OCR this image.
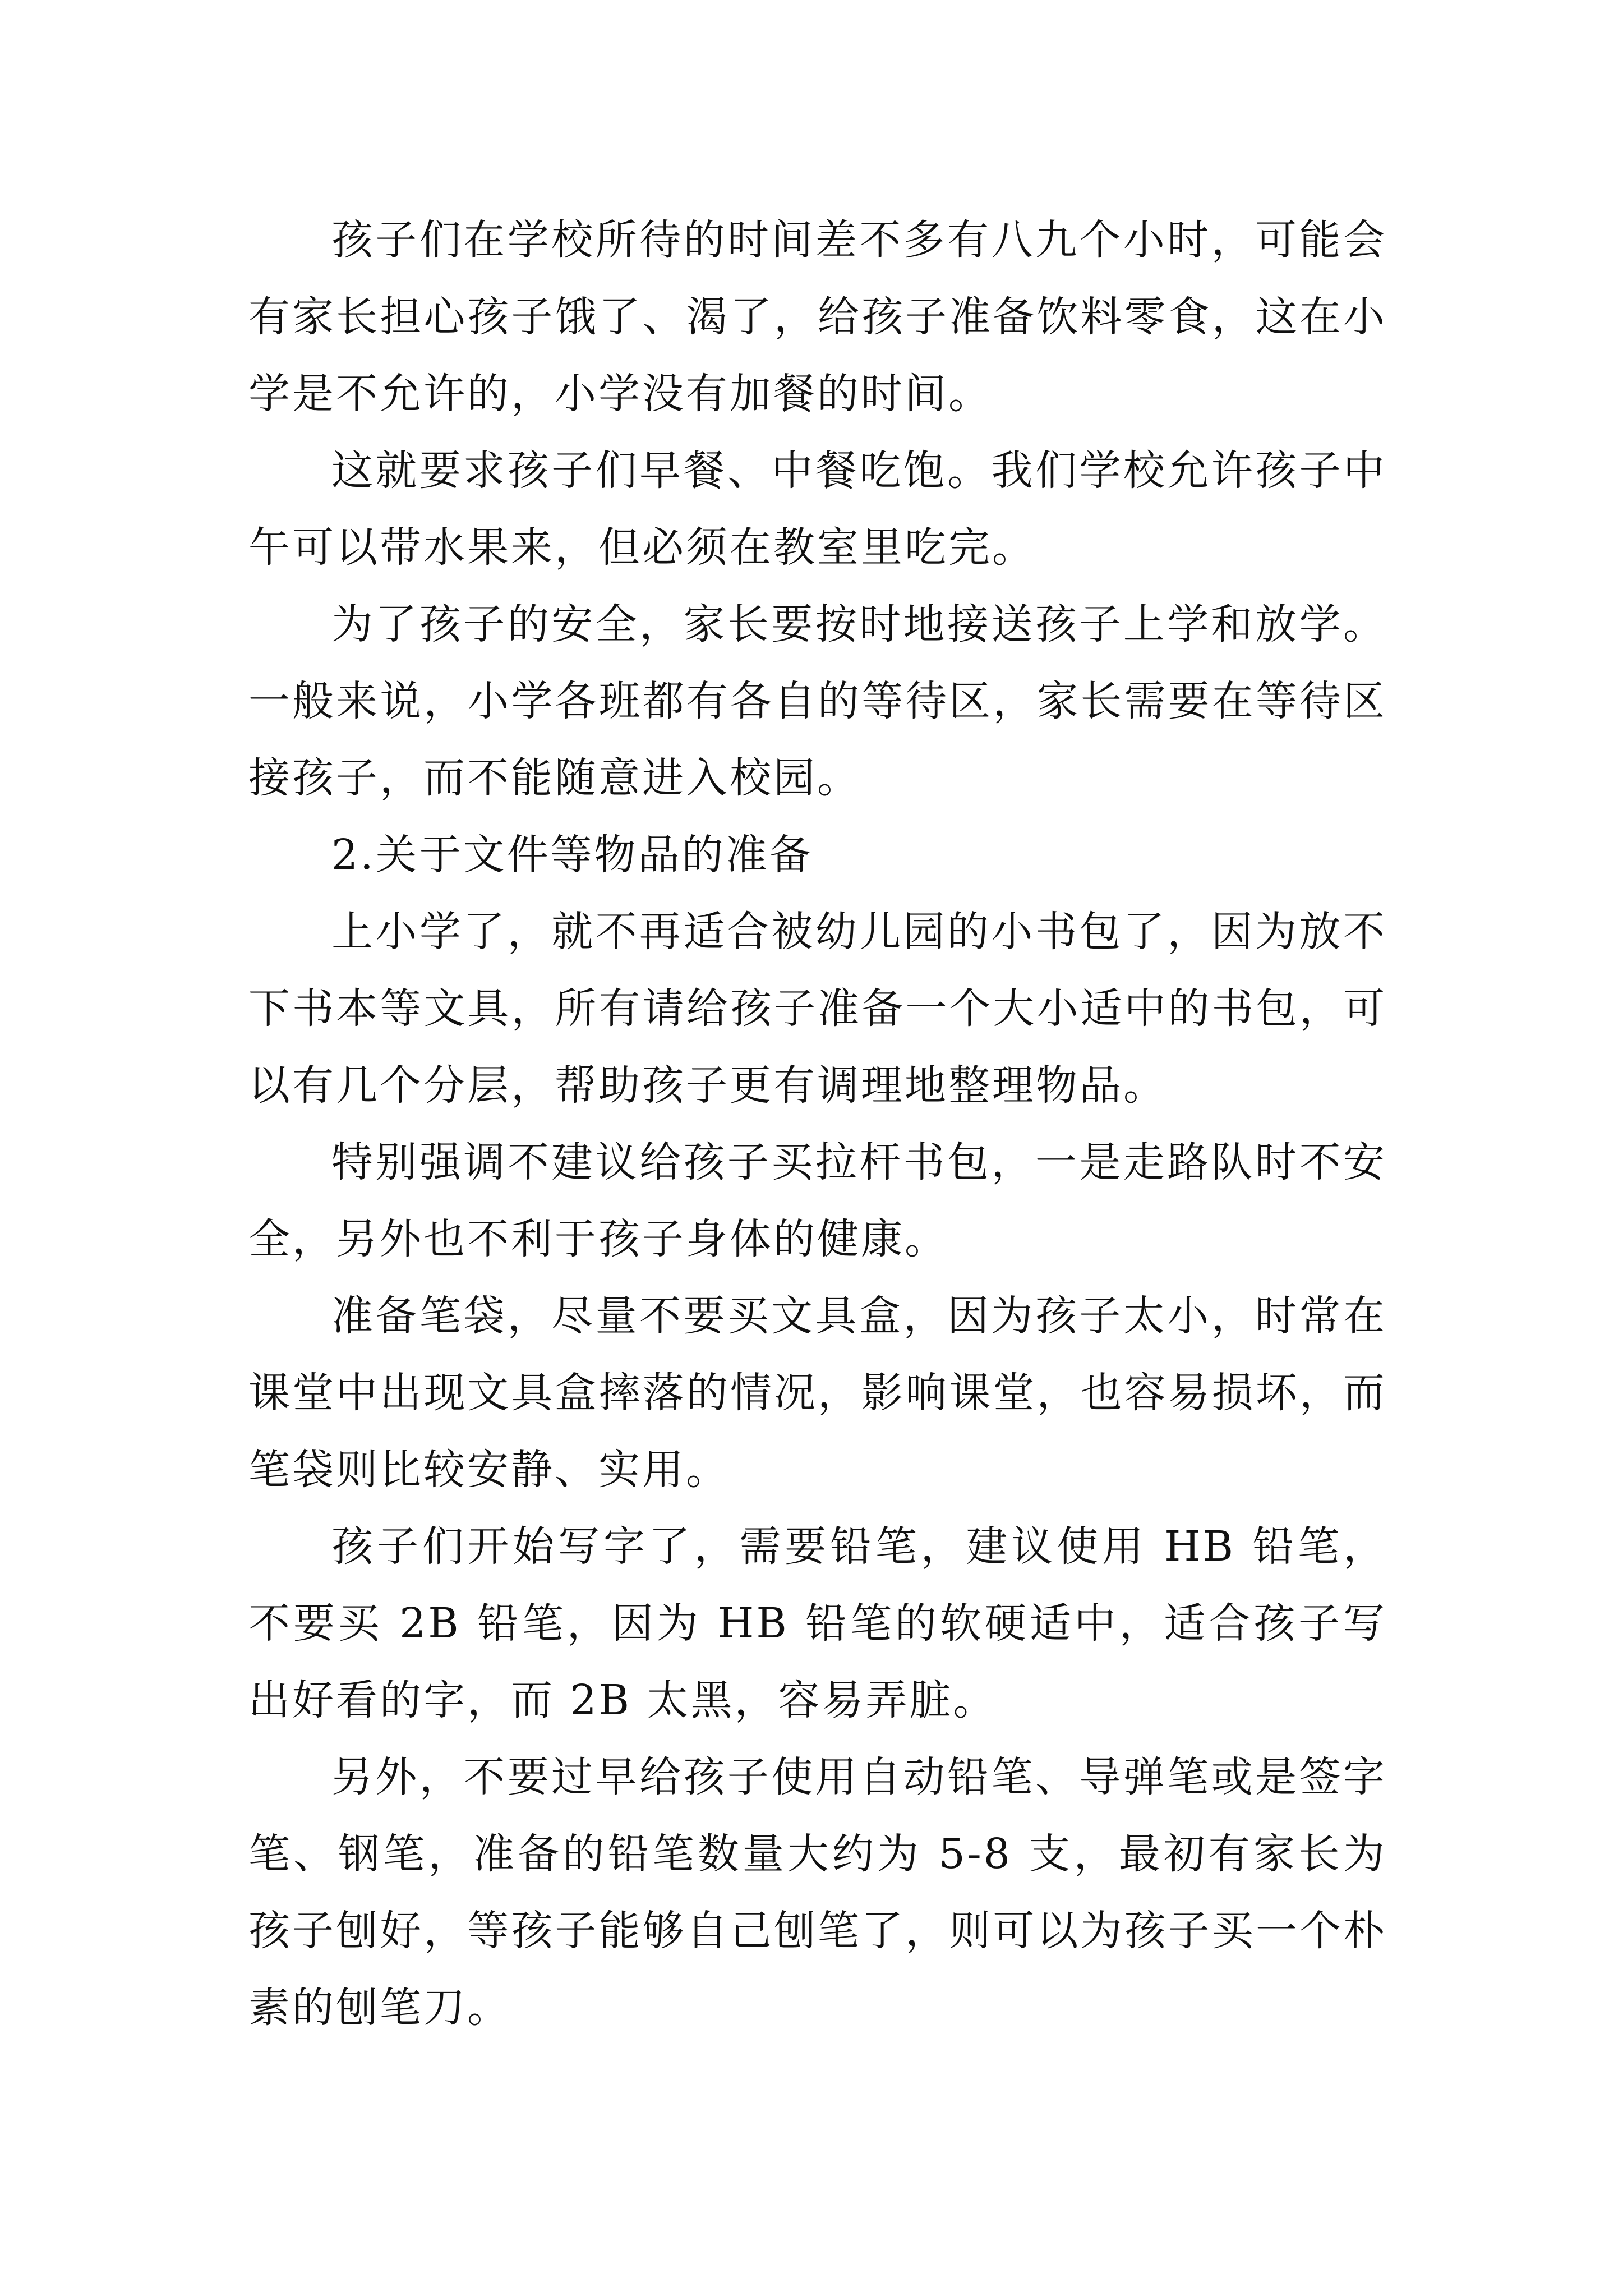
孩子们在学校所待的时间差不多有八九个小时，可能会有家长担心孩子饿了、渴了，给孩子准备饮料零食，这在小学是不允许的，小学没有加餐的时间。

这就要求孩子们早餐、中餐吃饱。我们学校允许孩子中午可以带水果来，但必须在教室里吃完。

为了孩子的安全，家长要按时地接送孩子上学和放学。一般来说，小学各班都有各自的等待区，家长需要在等待区接孩子，而不能随意进入校园。

2.关于文件等物品的准备

上小学了，就不再适合被幼儿园的小书包了，因为放不下书本等文具，所有请给孩子准备一个大小适中的书包，可以有几个分层，帮助孩子更有调理地整理物品。

特别强调不建议给孩子买拉杆书包，一是走路队时不安全，另外也不利于孩子身体的健康。

准备笔袋，尽量不要买文具盒，因为孩子太小，时常在课堂中出现文具盒摔落的情况，影响课堂，也容易损坏，而笔袋则比较安静、实用。

孩子们开始写字了，需要铅笔，建议使用 HB 铅笔，不要买 2B 铅笔，因为 HB 铅笔的软硬适中，适合孩子写出好看的字，而 2B 太黑，容易弄脏。

另外，不要过早给孩子使用自动铅笔、导弹笔或是签字笔、钢笔，准备的铅笔数量大约为 5-8 支，最初有家长为孩子刨好，等孩子能够自己刨笔了，则可以为孩子买一个朴素的刨笔刀。
